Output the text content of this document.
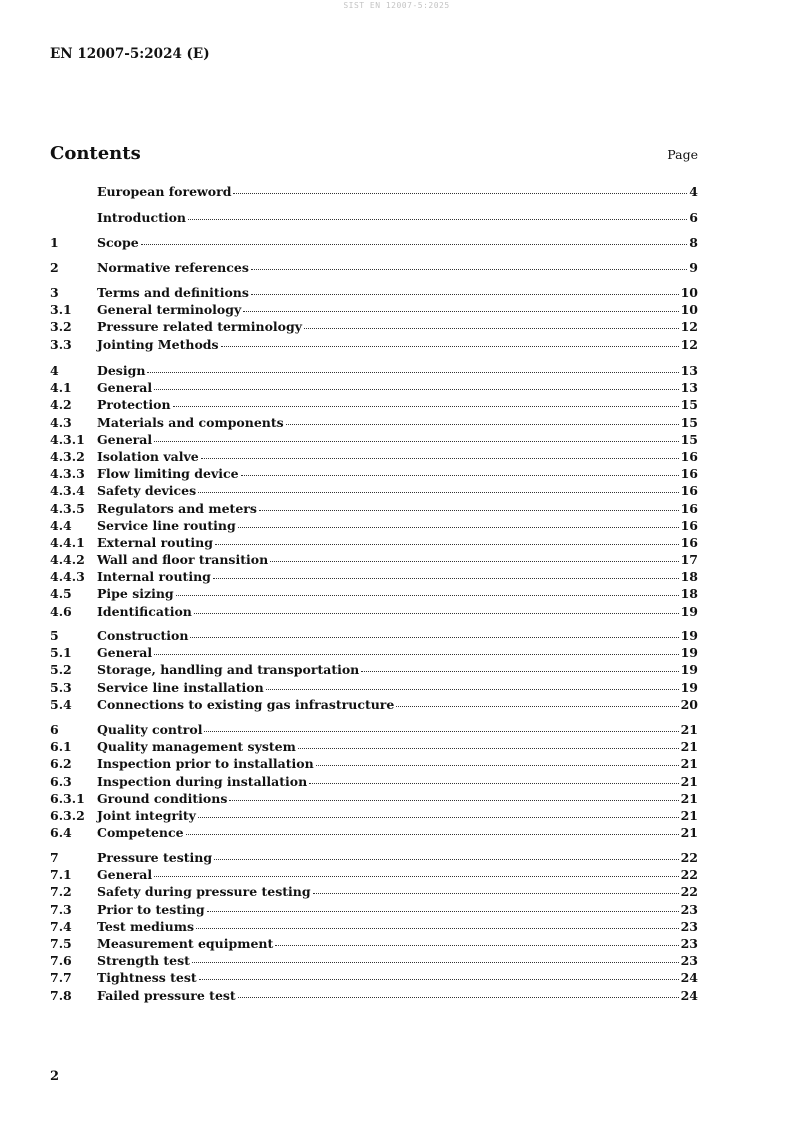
SIST EN 12007-5:2025
EN 12007-5:2024 (E)
Contents	Page
European foreword	4
Introduction	6
1	Scope	8
2	Normative references	9
3	Terms and definitions	10
3.1	General terminology	10
3.2	Pressure related terminology	12
3.3	Jointing Methods	12
4	Design	13
4.1	General	13
4.2	Protection	15
4.3	Materials and components	15
4.3.1 General	15
4.3.2 Isolation valve	16
4.3.3 Flow limiting device	16
4.3.4 Safety devices	16
4.3.5 Regulators and meters	16
4.4	Service line routing	16
4.4.1 External routing	16
4.4.2 Wall and floor transition	17
4.4.3 Internal routing	18
4.5	Pipe sizing	18
4.6	Identification	19
5	Construction	19
5.1	General	19
5.2	Storage, handling and transportation	19
5.3	Service line installation	19
5.4	Connections to existing gas infrastructure	20
6	Quality control	21
6.1	Quality management system	21
6.2	Inspection prior to installation	21
6.3	Inspection during installation	21
6.3.1 Ground conditions	21
6.3.2 Joint integrity	21
6.4	Competence	21
7	Pressure testing	22
7.1	General	22
7.2	Safety during pressure testing	22
7.3	Prior to testing	23
7.4	Test mediums	23
7.5	Measurement equipment	23
7.6	Strength test	23
7.7	Tightness test	24
7.8	Failed pressure test	24
2
